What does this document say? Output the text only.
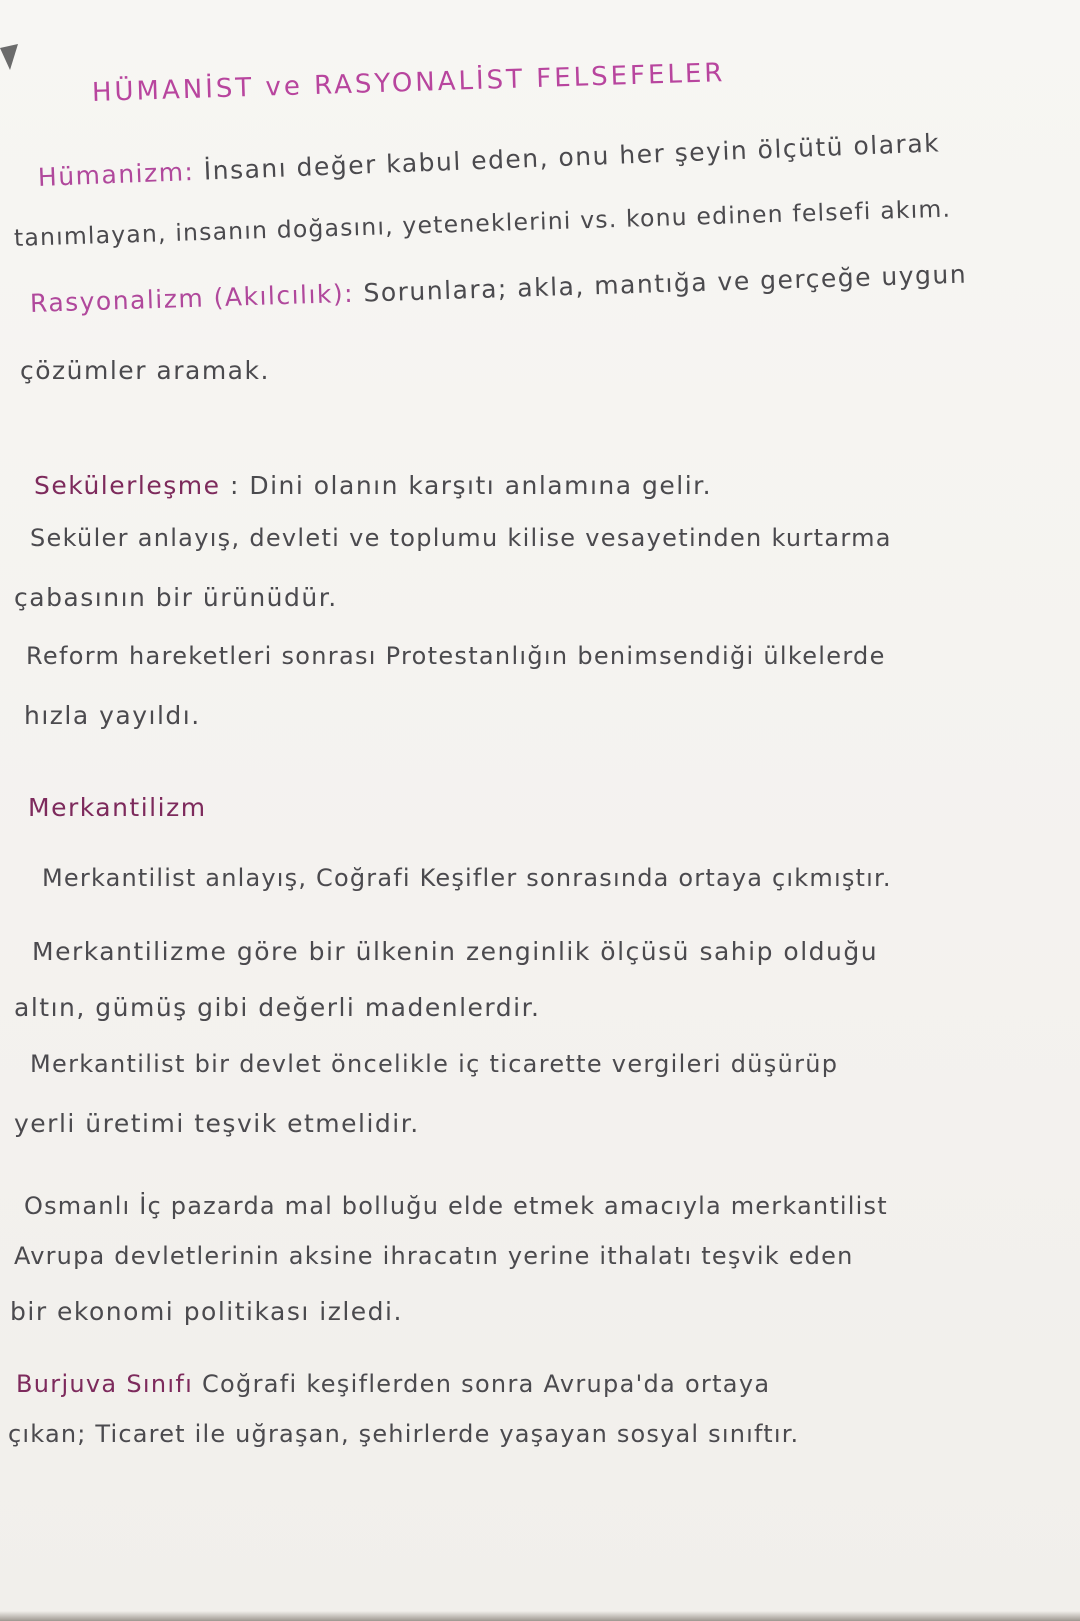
HÜMANİST ve RASYONALİST FELSEFELER
Hümanizm: İnsanı değer kabul eden, onu her şeyin ölçütü olarak
tanımlayan, insanın doğasını, yeteneklerini vs. konu edinen felsefi akım.
Rasyonalizm (Akılcılık): Sorunlara; akla, mantığa ve gerçeğe uygun
çözümler aramak.
Sekülerleşme : Dini olanın karşıtı anlamına gelir.
Seküler anlayış, devleti ve toplumu kilise vesayetinden kurtarma
çabasının bir ürünüdür.
Reform hareketleri sonrası Protestanlığın benimsendiği ülkelerde
hızla yayıldı.
Merkantilizm
Merkantilist anlayış, Coğrafi Keşifler sonrasında ortaya çıkmıştır.
Merkantilizme göre bir ülkenin zenginlik ölçüsü sahip olduğu
altın, gümüş gibi değerli madenlerdir.
Merkantilist bir devlet öncelikle iç ticarette vergileri düşürüp
yerli üretimi teşvik etmelidir.
Osmanlı İç pazarda mal bolluğu elde etmek amacıyla merkantilist
Avrupa devletlerinin aksine ihracatın yerine ithalatı teşvik eden
bir ekonomi politikası izledi.
Burjuva Sınıfı Coğrafi keşiflerden sonra Avrupa'da ortaya
çıkan; Ticaret ile uğraşan, şehirlerde yaşayan sosyal sınıftır.
